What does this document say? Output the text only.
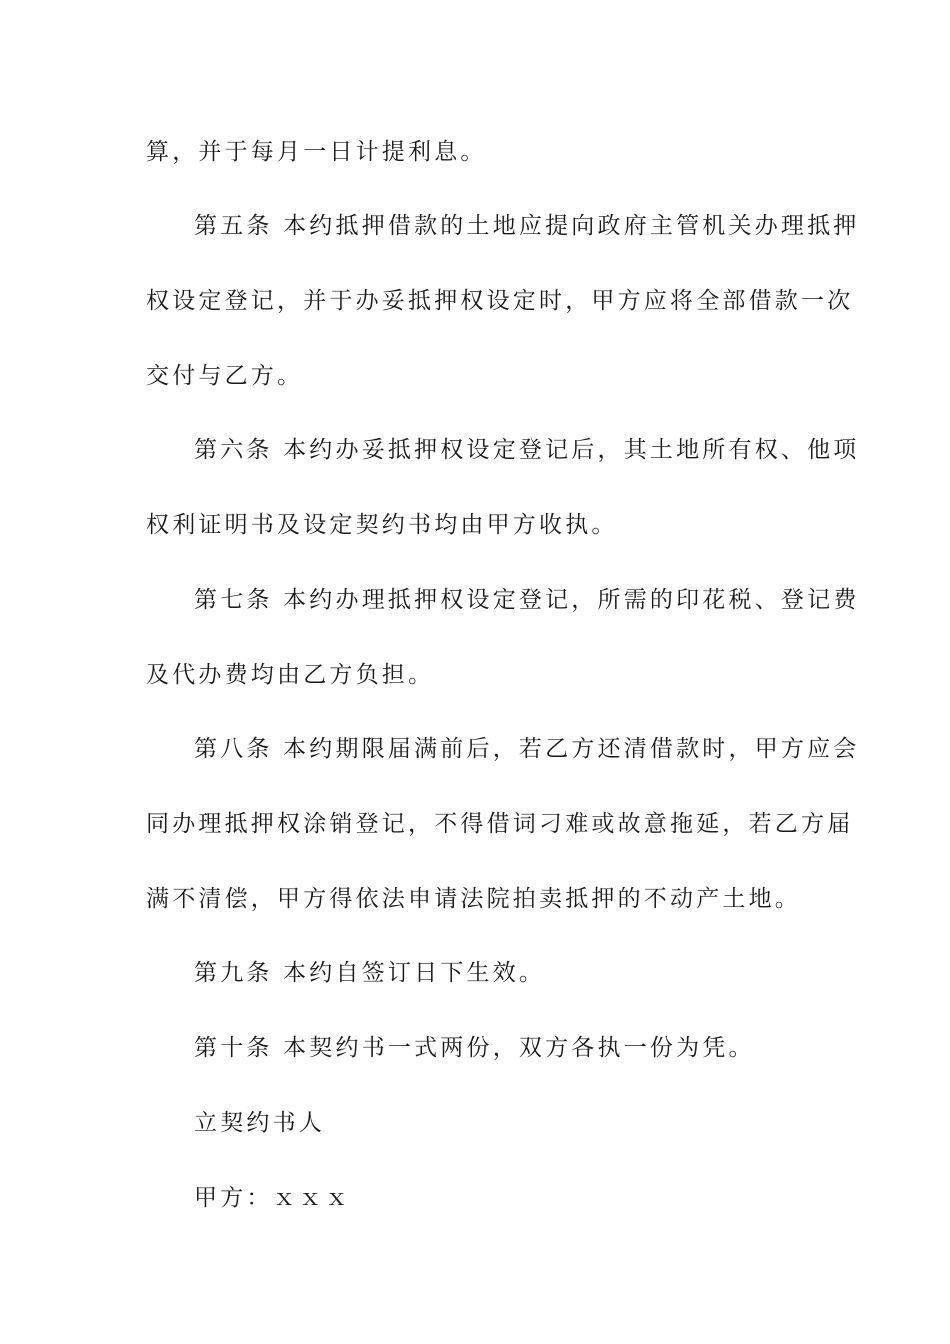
算，并于每月一日计提利息。
第五条 本约抵押借款的土地应提向政府主管机关办理抵押
权设定登记，并于办妥抵押权设定时，甲方应将全部借款一次
交付与乙方。
第六条 本约办妥抵押权设定登记后，其土地所有权、他项
权利证明书及设定契约书均由甲方收执。
第七条 本约办理抵押权设定登记，所需的印花税、登记费
及代办费均由乙方负担。
第八条 本约期限届满前后，若乙方还清借款时，甲方应会
同办理抵押权涂销登记，不得借词刁难或故意拖延，若乙方届
满不清偿，甲方得依法申请法院拍卖抵押的不动产土地。
第九条 本约自签订日下生效。
第十条 本契约书一式两份，双方各执一份为凭。
立契约书人
甲方：ｘｘｘ
